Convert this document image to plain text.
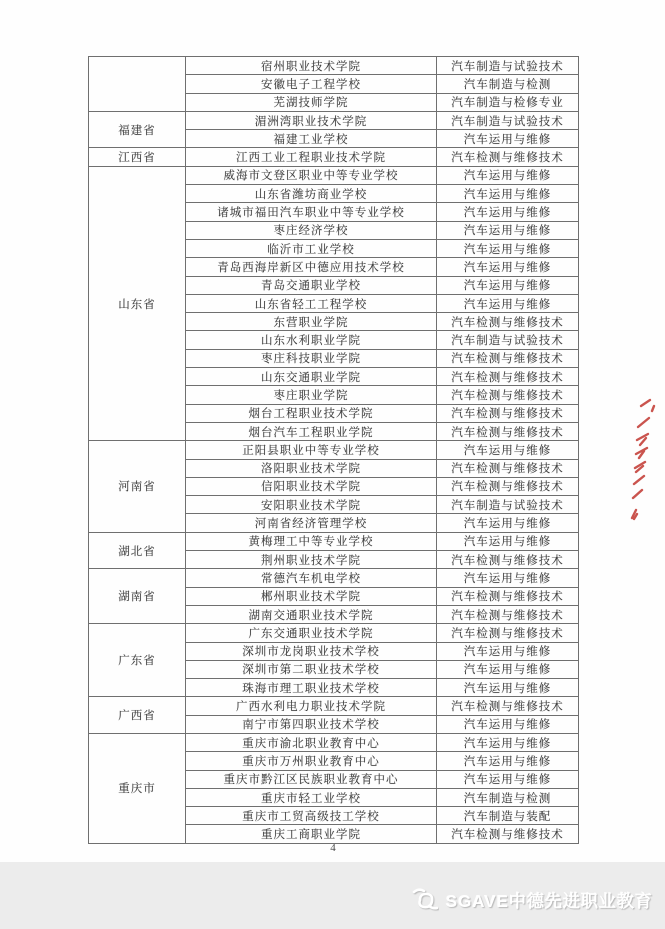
	宿州职业技术学院	汽车制造与试验技术
	安徽电子工程学校	汽车制造与检测
	芜湖技师学院	汽车制造与检修专业
福建省	湄洲湾职业技术学院	汽车制造与试验技术
	福建工业学校	汽车运用与维修
江西省	江西工业工程职业技术学院	汽车检测与维修技术
山东省	威海市文登区职业中等专业学校	汽车运用与维修
	山东省潍坊商业学校	汽车运用与维修
	诸城市福田汽车职业中等专业学校	汽车运用与维修
	枣庄经济学校	汽车运用与维修
	临沂市工业学校	汽车运用与维修
	青岛西海岸新区中德应用技术学校	汽车运用与维修
	青岛交通职业学校	汽车运用与维修
	山东省轻工工程学校	汽车运用与维修
	东营职业学院	汽车检测与维修技术
	山东水利职业学院	汽车制造与试验技术
	枣庄科技职业学院	汽车检测与维修技术
	山东交通职业学院	汽车检测与维修技术
	枣庄职业学院	汽车检测与维修技术
	烟台工程职业技术学院	汽车检测与维修技术
	烟台汽车工程职业学院	汽车检测与维修技术
河南省	正阳县职业中等专业学校	汽车运用与维修
	洛阳职业技术学院	汽车检测与维修技术
	信阳职业技术学院	汽车检测与维修技术
	安阳职业技术学院	汽车制造与试验技术
	河南省经济管理学校	汽车运用与维修
湖北省	黄梅理工中等专业学校	汽车运用与维修
	荆州职业技术学院	汽车检测与维修技术
湖南省	常德汽车机电学校	汽车运用与维修
	郴州职业技术学院	汽车检测与维修技术
	湖南交通职业技术学院	汽车检测与维修技术
广东省	广东交通职业技术学院	汽车检测与维修技术
	深圳市龙岗职业技术学校	汽车运用与维修
	深圳市第二职业技术学校	汽车运用与维修
	珠海市理工职业技术学校	汽车运用与维修
广西省	广西水利电力职业技术学院	汽车检测与维修技术
	南宁市第四职业技术学校	汽车运用与维修
重庆市	重庆市渝北职业教育中心	汽车运用与维修
	重庆市万州职业教育中心	汽车运用与维修
	重庆市黔江区民族职业教育中心	汽车运用与维修
	重庆市轻工业学校	汽车制造与检测
	重庆市工贸高级技工学校	汽车制造与装配
	重庆工商职业学院	汽车检测与维修技术
4
SGAVE中德先进职业教育
